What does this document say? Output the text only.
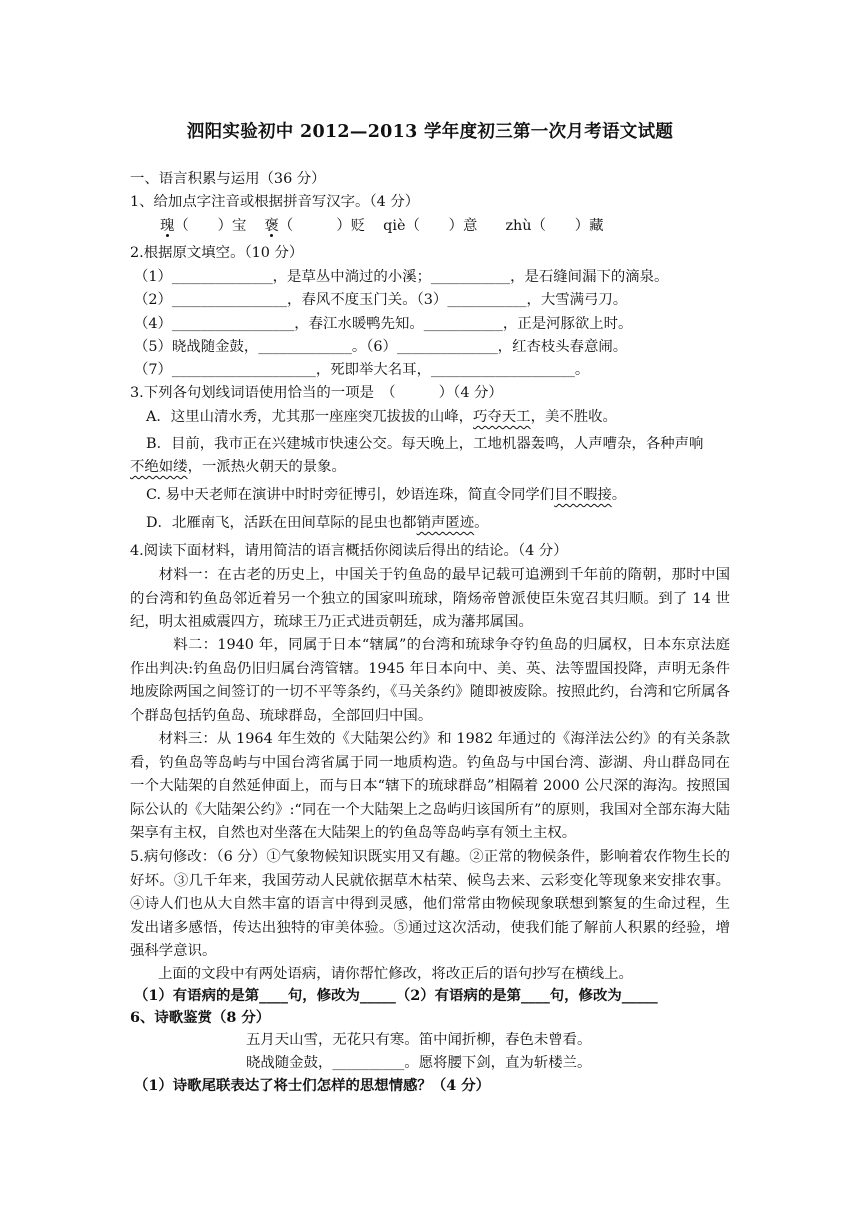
泗阳实验初中 2012—2013 学年度初三第一次月考语文试题
一、语言积累与运用（36 分）
1、给加点字注音或根据拼音写汉字。（4 分）
瑰（　　）宝 褒（　　　）贬 qiè（　　）意 zhù（　　）藏
2.根据原文填空。（10 分）
（1）______________，是草丛中淌过的小溪；___________，是石缝间漏下的滴泉。
（2）________________，春风不度玉门关。（3）___________，大雪满弓刀。
（4）_________________，春江水暖鸭先知。___________，正是河豚欲上时。
（5）晓战随金鼓，_____________。（6）______________，红杏枝头春意闹。
（7）____________________，死即举大名耳，____________________。
3.下列各句划线词语使用恰当的一项是　（　　　）（4 分）
A．这里山清水秀，尤其那一座座突兀拔拔的山峰，巧夺天工，美不胜收。
B．目前，我市正在兴建城市快速公交。每天晚上，工地机器轰鸣，人声嘈杂，各种声响
不绝如缕，一派热火朝天的景象。
C. 易中天老师在演讲中时时旁征博引，妙语连珠，简直令同学们目不暇接。
D．北雁南飞，活跃在田间草际的昆虫也都销声匿迹。
4.阅读下面材料，请用简洁的语言概括你阅读后得出的结论。（4 分）
材料一：在古老的历史上，中国关于钓鱼岛的最早记载可追溯到千年前的隋朝，那时中国的台湾和钓鱼岛邻近着另一个独立的国家叫琉球，隋炀帝曾派使臣朱宽召其归顺。到了 14 世纪，明太祖威震四方，琉球王乃正式进贡朝廷，成为藩邦属国。
料二：1940 年，同属于日本“辖属”的台湾和琉球争夺钓鱼岛的归属权，日本东京法庭作出判决:钓鱼岛仍旧归属台湾管辖。1945 年日本向中、美、英、法等盟国投降，声明无条件地废除两国之间签订的一切不平等条约，《马关条约》随即被废除。按照此约，台湾和它所属各个群岛包括钓鱼岛、琉球群岛，全部回归中国。
材料三：从 1964 年生效的《大陆架公约》和 1982 年通过的《海洋法公约》的有关条款看，钓鱼岛等岛屿与中国台湾省属于同一地质构造。钓鱼岛与中国台湾、澎湖、舟山群岛同在一个大陆架的自然延伸面上，而与日本“辖下的琉球群岛”相隔着 2000 公尺深的海沟。按照国际公认的《大陆架公约》:“同在一个大陆架上之岛屿归该国所有”的原则，我国对全部东海大陆架享有主权，自然也对坐落在大陆架上的钓鱼岛等岛屿享有领土主权。
5.病句修改：（6 分）①气象物候知识既实用又有趣。②正常的物候条件，影响着农作物生长的好坏。③几千年来，我国劳动人民就依据草木枯荣、候鸟去来、云彩变化等现象来安排农事。④诗人们也从大自然丰富的语言中得到灵感，他们常常由物候现象联想到繁复的生命过程，生发出诸多感悟，传达出独特的审美体验。⑤通过这次活动，使我们能了解前人积累的经验，增强科学意识。
上面的文段中有两处语病，请你帮忙修改，将改正后的语句抄写在横线上。
（1）有语病的是第____句，修改为_____（2）有语病的是第____句，修改为_____
6、诗歌鉴赏（8 分）
五月天山雪，无花只有寒。笛中闻折柳，春色未曾看。
晓战随金鼓，__________。愿将腰下剑，直为斩楼兰。
（1）诗歌尾联表达了将士们怎样的思想情感？（4 分）
